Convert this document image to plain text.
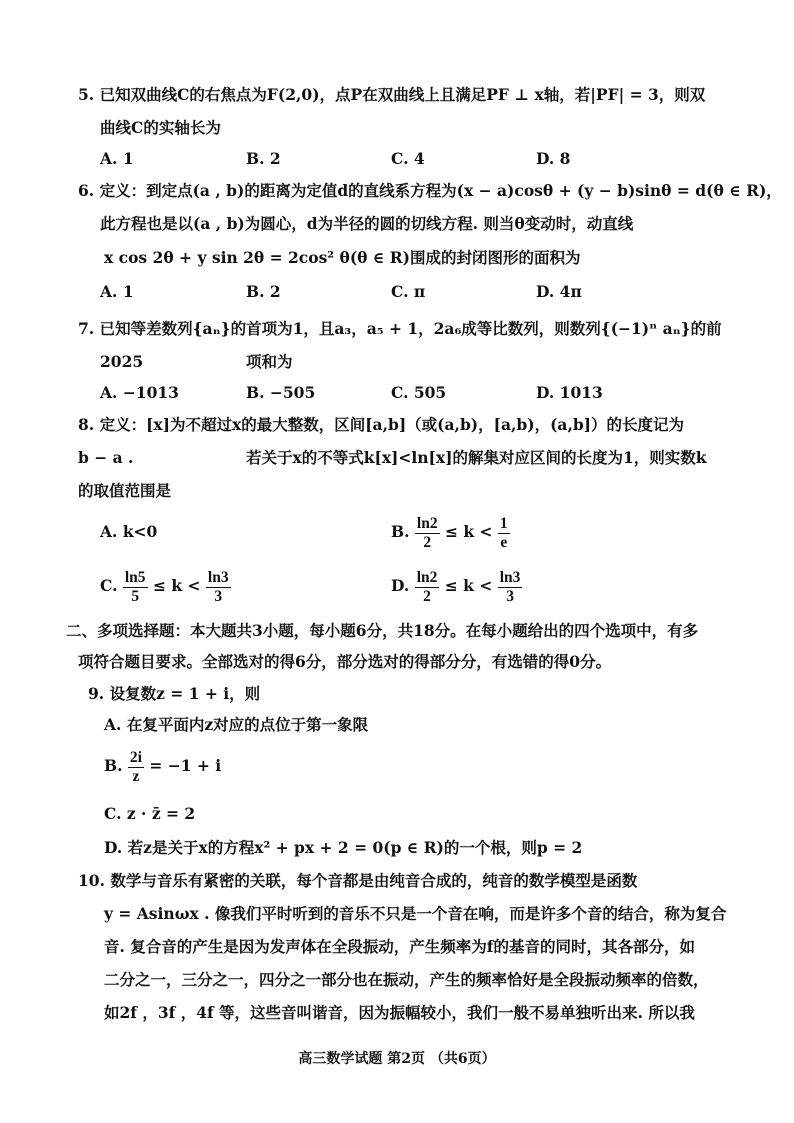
5. 已知双曲线C的右焦点为F(2,0)，点P在双曲线上且满足PF ⊥ x轴，若|PF| = 3，则双
曲线C的实轴长为
A. 1	B. 2	C. 4	D. 8
6. 定义：到定点(a , b)的距离为定值d的直线系方程为(x − a)cosθ + (y − b)sinθ = d(θ ∈ R)，
此方程也是以(a , b)为圆心，d为半径的圆的切线方程. 则当θ变动时，动直线
x cos 2θ + y sin 2θ = 2cos² θ(θ ∈ R)围成的封闭图形的面积为
A. 1	B. 2	C. π	D. 4π
7. 已知等差数列{aₙ}的首项为1，且a₃，a₅ + 1，2a₆成等比数列，则数列{(−1)ⁿ aₙ}的前
2025	项和为
A. −1013	B. −505	C. 505	D. 1013
8. 定义：[x]为不超过x的最大整数，区间[a,b]（或(a,b)，[a,b)，(a,b]）的长度记为
b − a .	若关于x的不等式k[x]<ln[x]的解集对应区间的长度为1，则实数k
的取值范围是
A. k<0	B. $\frac{\ln 2}{2} \le k < \frac{1}{e}$
C. $\frac{\ln 5}{5} \le k < \frac{\ln 3}{3}$	D. $\frac{\ln 2}{2} \le k < \frac{\ln 3}{3}$
二、多项选择题：本大题共3小题，每小题6分，共18分。在每小题给出的四个选项中，有多
项符合题目要求。全部选对的得6分，部分选对的得部分分，有选错的得0分。
9. 设复数z = 1 + i，则
A. 在复平面内z对应的点位于第一象限
B. $\frac{2i}{z} = -1 + i$
C. z · z̄ = 2
D. 若z是关于x的方程x² + px + 2 = 0(p ∈ R)的一个根，则p = 2
10. 数学与音乐有紧密的关联，每个音都是由纯音合成的，纯音的数学模型是函数
y = Asinωx . 像我们平时听到的音乐不只是一个音在响，而是许多个音的结合，称为复合
音. 复合音的产生是因为发声体在全段振动，产生频率为f的基音的同时，其各部分，如
二分之一，三分之一，四分之一部分也在振动，产生的频率恰好是全段振动频率的倍数，
如2f ，3f ，4f 等，这些音叫谐音，因为振幅较小，我们一般不易单独听出来. 所以我
高三数学试题 第2页 （共6页）
